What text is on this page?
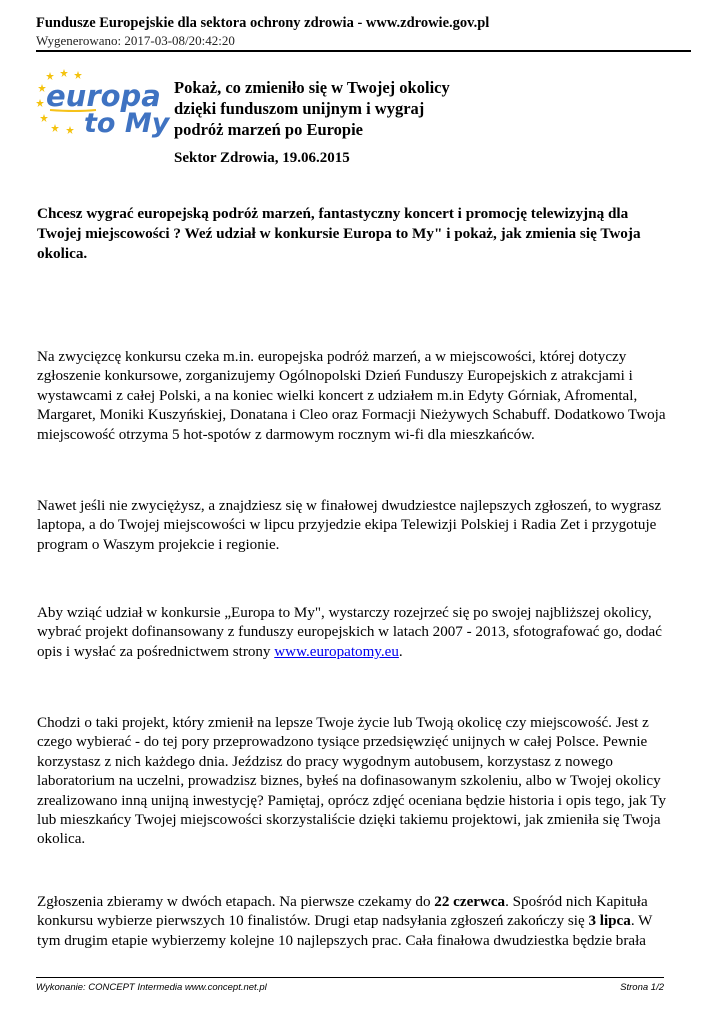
Fundusze Europejskie dla sektora ochrony zdrowia - www.zdrowie.gov.pl
Wygenerowano: 2017-03-08/20:42:20
europa
to My
Pokaż, co zmieniło się w Twojej okolicy
dzięki funduszom unijnym i wygraj
podróż marzeń po Europie
Sektor Zdrowia, 19.06.2015
Chcesz wygrać europejską podróż marzeń, fantastyczny koncert i promocję telewizyjną dla
Twojej miejscowości ? Weź udział w konkursie Europa to My" i pokaż, jak zmienia się Twoja
okolica.
Na zwycięzcę konkursu czeka m.in. europejska podróż marzeń, a w miejscowości, której dotyczy
zgłoszenie konkursowe, zorganizujemy Ogólnopolski Dzień Funduszy Europejskich z atrakcjami i
wystawcami z całej Polski, a na koniec wielki koncert z udziałem m.in Edyty Górniak, Afromental,
Margaret, Moniki Kuszyńskiej, Donatana i Cleo oraz Formacji Nieżywych Schabuff. Dodatkowo Twoja
miejscowość otrzyma 5 hot-spotów z darmowym rocznym wi-fi dla mieszkańców.
Nawet jeśli nie zwyciężysz, a znajdziesz się w finałowej dwudziestce najlepszych zgłoszeń, to wygrasz
laptopa, a do Twojej miejscowości w lipcu przyjedzie ekipa Telewizji Polskiej i Radia Zet i przygotuje
program o Waszym projekcie i regionie.
Aby wziąć udział w konkursie „Europa to My", wystarczy rozejrzeć się po swojej najbliższej okolicy,
wybrać projekt dofinansowany z funduszy europejskich w latach 2007 - 2013, sfotografować go, dodać
opis i wysłać za pośrednictwem strony www.europatomy.eu.
Chodzi o taki projekt, który zmienił na lepsze Twoje życie lub Twoją okolicę czy miejscowość. Jest z
czego wybierać - do tej pory przeprowadzono tysiące przedsięwzięć unijnych w całej Polsce. Pewnie
korzystasz z nich każdego dnia. Jeździsz do pracy wygodnym autobusem, korzystasz z nowego
laboratorium na uczelni, prowadzisz biznes, byłeś na dofinasowanym szkoleniu, albo w Twojej okolicy
zrealizowano inną unijną inwestycję? Pamiętaj, oprócz zdjęć oceniana będzie historia i opis tego, jak Ty
lub mieszkańcy Twojej miejscowości skorzystaliście dzięki takiemu projektowi, jak zmieniła się Twoja
okolica.
Zgłoszenia zbieramy w dwóch etapach. Na pierwsze czekamy do 22 czerwca. Spośród nich Kapituła
konkursu wybierze pierwszych 10 finalistów. Drugi etap nadsyłania zgłoszeń zakończy się 3 lipca. W
tym drugim etapie wybierzemy kolejne 10 najlepszych prac. Cała finałowa dwudziestka będzie brała
Wykonanie: CONCEPT Intermedia www.concept.net.pl	Strona 1/2
